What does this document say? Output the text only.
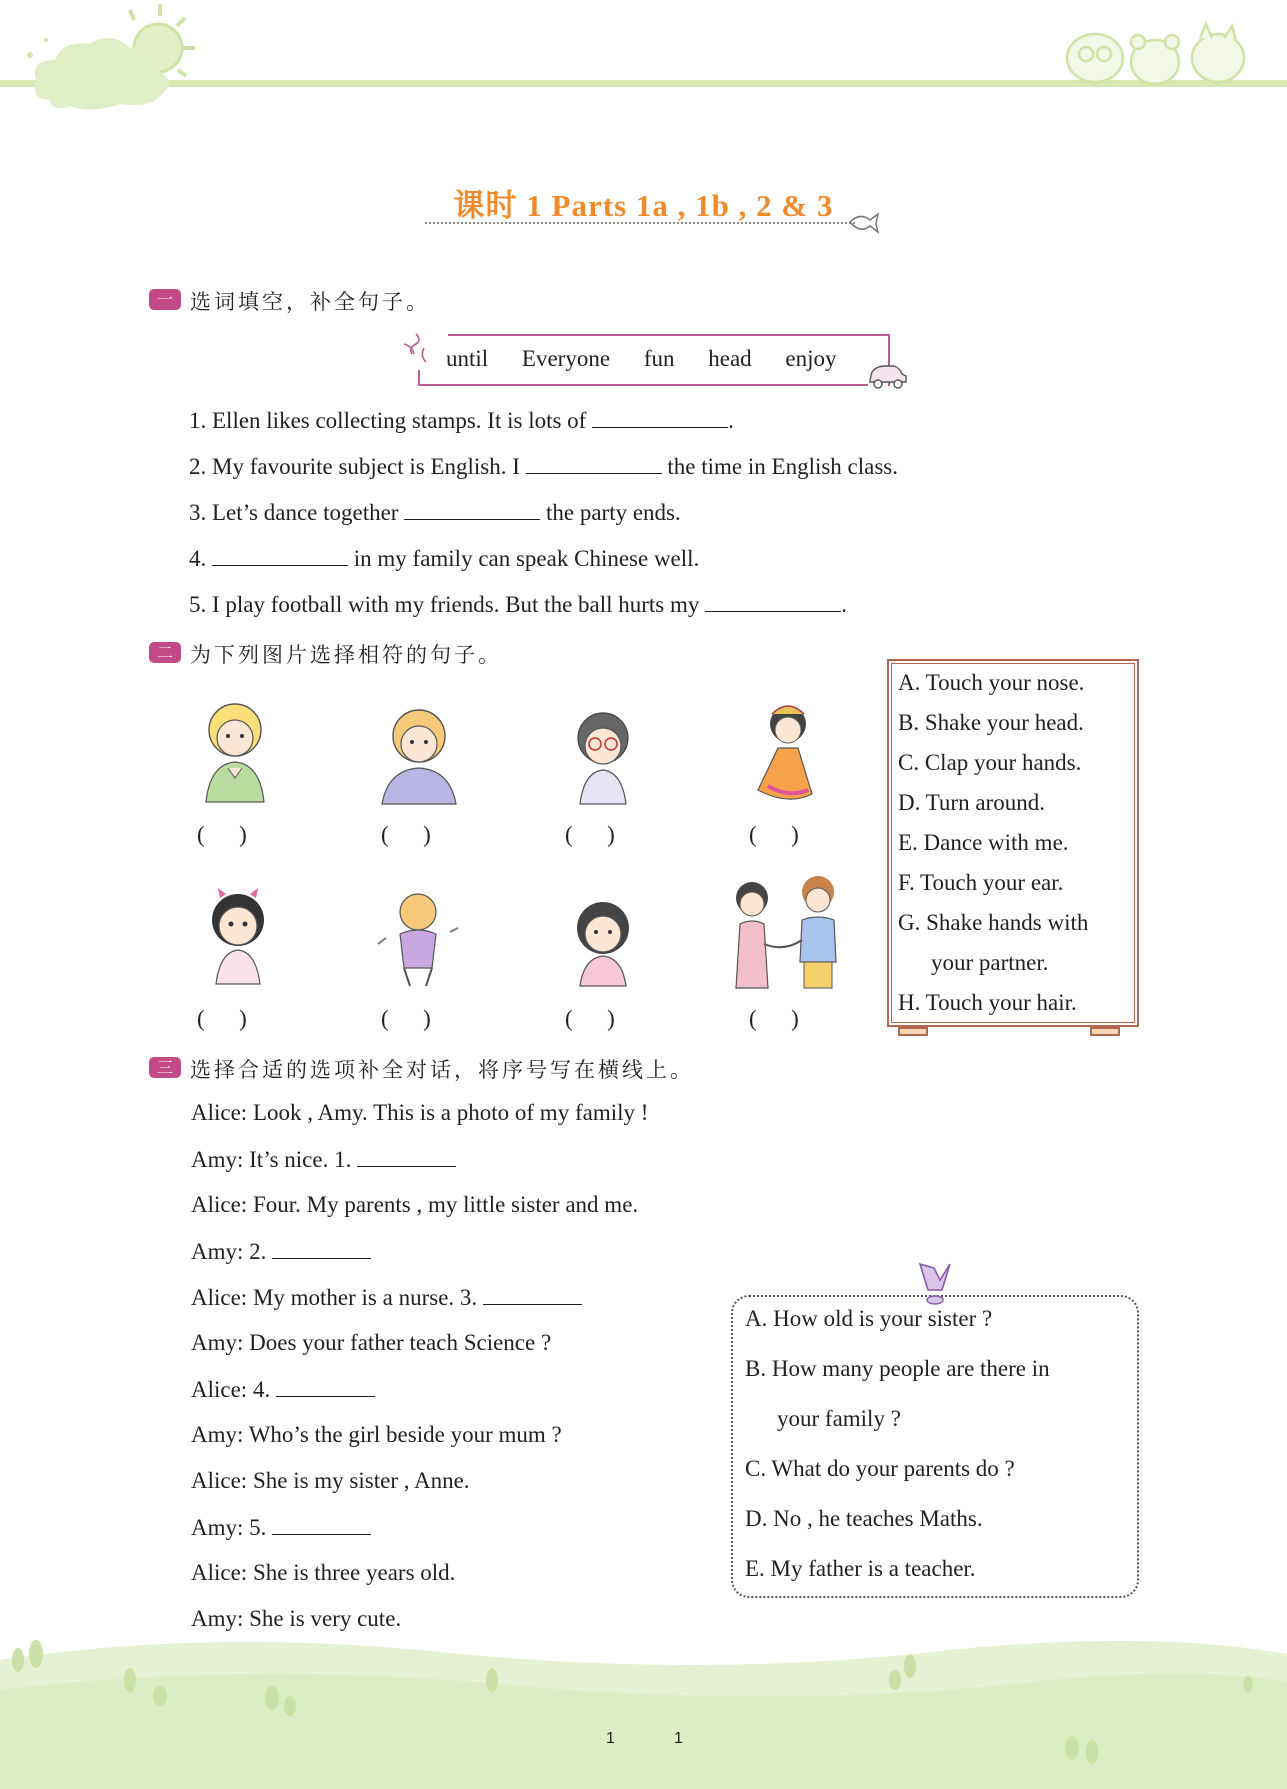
课时 1 Parts 1a , 1b , 2 & 3
一 选词填空，补全句子。
until Everyone fun head enjoy
1. Ellen likes collecting stamps. It is lots of	.
2. My favourite subject is English. I	the time in English class.
3. Let’s dance together	the party ends.
4.	in my family can speak Chinese well.
5. I play football with my friends. But the ball hurts my	.
二 为下列图片选择相符的句子。
(      )	(      )	(      )	(      )
(      )	(      )	(      )	(      )
A. Touch your nose.
B. Shake your head.
C. Clap your hands.
D. Turn around.
E. Dance with me.
F. Touch your ear.
G. Shake hands with
your partner.
H. Touch your hair.
三 选择合适的选项补全对话，将序号写在横线上。
Alice: Look , Amy. This is a photo of my family !
Amy: It’s nice. 1.
Alice: Four. My parents , my little sister and me.
Amy: 2.
Alice: My mother is a nurse. 3.
Amy: Does your father teach Science ?
Alice: 4.
Amy: Who’s the girl beside your mum ?
Alice: She is my sister , Anne.
Amy: 5.
Alice: She is three years old.
Amy: She is very cute.
A. How old is your sister ?
B. How many people are there in
your family ?
C. What do your parents do ?
D. No , he teaches Maths.
E. My father is a teacher.
1	1
